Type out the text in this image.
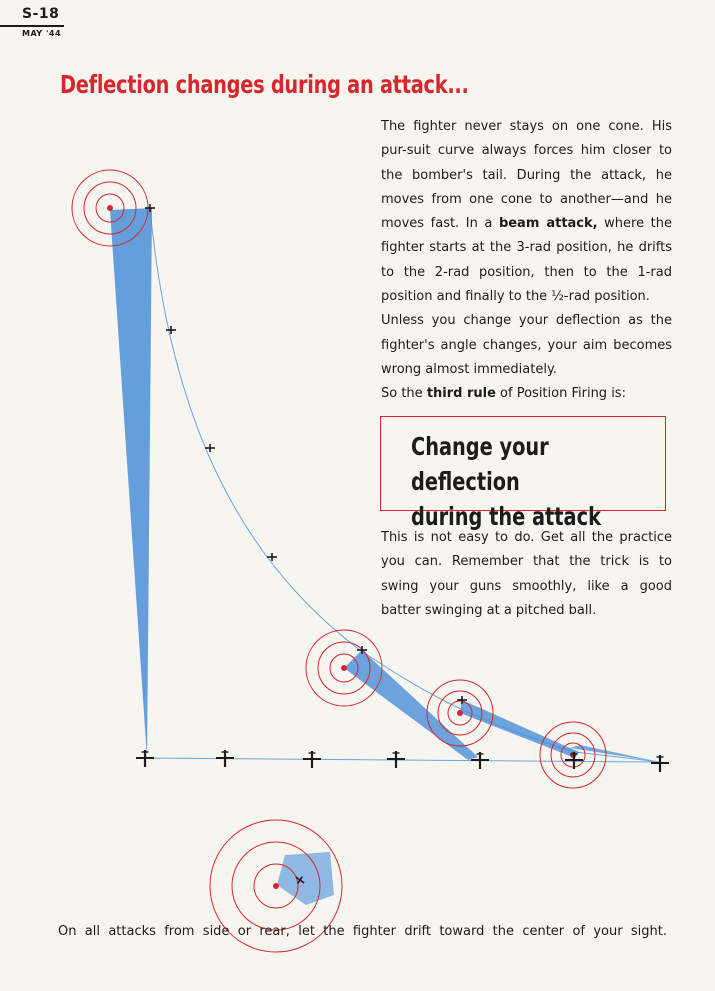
S-18
MAY '44
Deflection changes during an attack...

The fighter never stays on one cone. His pur-suit curve always forces him closer to the bomber's tail. During the attack, he moves from one cone to another—and he moves fast. In a beam attack, where the fighter starts at the 3-rad position, he drifts to the 2-rad position, then to the 1-rad position and finally to the ½-rad position.

Unless you change your deflection as the fighter's angle changes, your aim becomes wrong almost immediately.

So the third rule of Position Firing is:

Change your deflection
during the attack
This is not easy to do. Get all the practice you can. Remember that the trick is to swing your guns smoothly, like a good batter swinging at a pitched ball.
On all attacks from side or rear, let the fighter drift toward the center of your sight.
